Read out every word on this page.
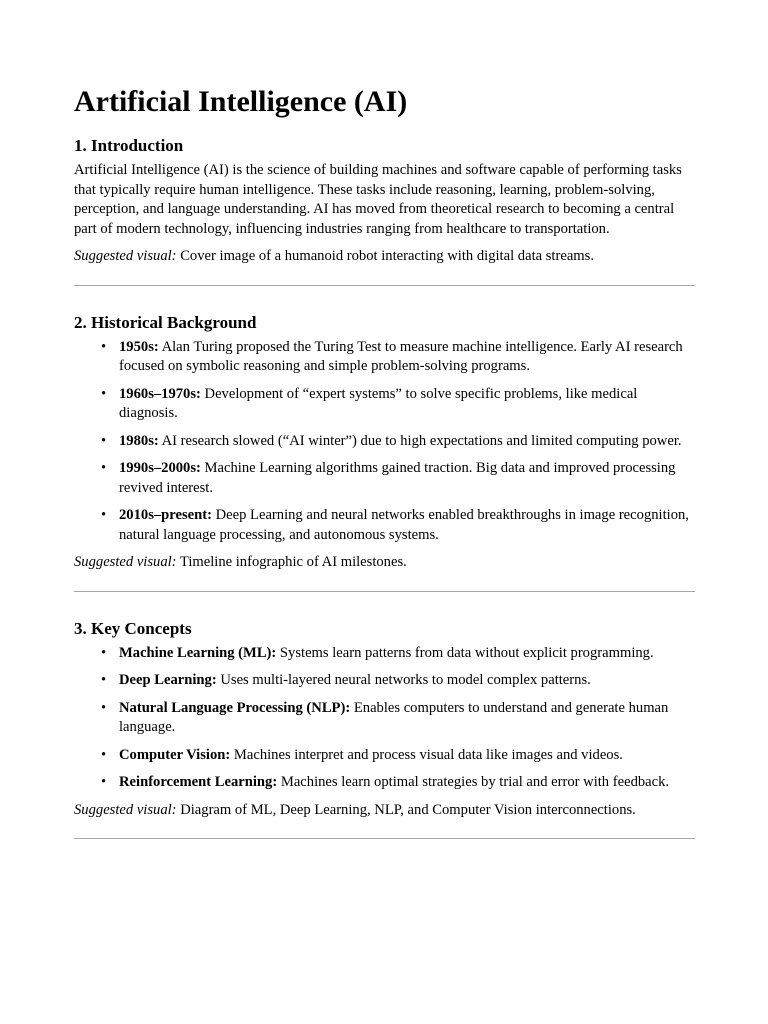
Artificial Intelligence (AI)
1. Introduction

Artificial Intelligence (AI) is the science of building machines and software capable of performing tasks that typically require human intelligence. These tasks include reasoning, learning, problem-solving, perception, and language understanding. AI has moved from theoretical research to becoming a central part of modern technology, influencing industries ranging from healthcare to transportation.

Suggested visual: Cover image of a humanoid robot interacting with digital data streams.

2. Historical Background
• 1950s: Alan Turing proposed the Turing Test to measure machine intelligence. Early AI research focused on symbolic reasoning and simple problem-solving programs.
• 1960s–1970s: Development of “expert systems” to solve specific problems, like medical diagnosis.
• 1980s: AI research slowed (“AI winter”) due to high expectations and limited computing power.
• 1990s–2000s: Machine Learning algorithms gained traction. Big data and improved processing revived interest.
• 2010s–present: Deep Learning and neural networks enabled breakthroughs in image recognition, natural language processing, and autonomous systems.

Suggested visual: Timeline infographic of AI milestones.

3. Key Concepts
• Machine Learning (ML): Systems learn patterns from data without explicit programming.
• Deep Learning: Uses multi-layered neural networks to model complex patterns.
• Natural Language Processing (NLP): Enables computers to understand and generate human language.
• Computer Vision: Machines interpret and process visual data like images and videos.
• Reinforcement Learning: Machines learn optimal strategies by trial and error with feedback.

Suggested visual: Diagram of ML, Deep Learning, NLP, and Computer Vision interconnections.
